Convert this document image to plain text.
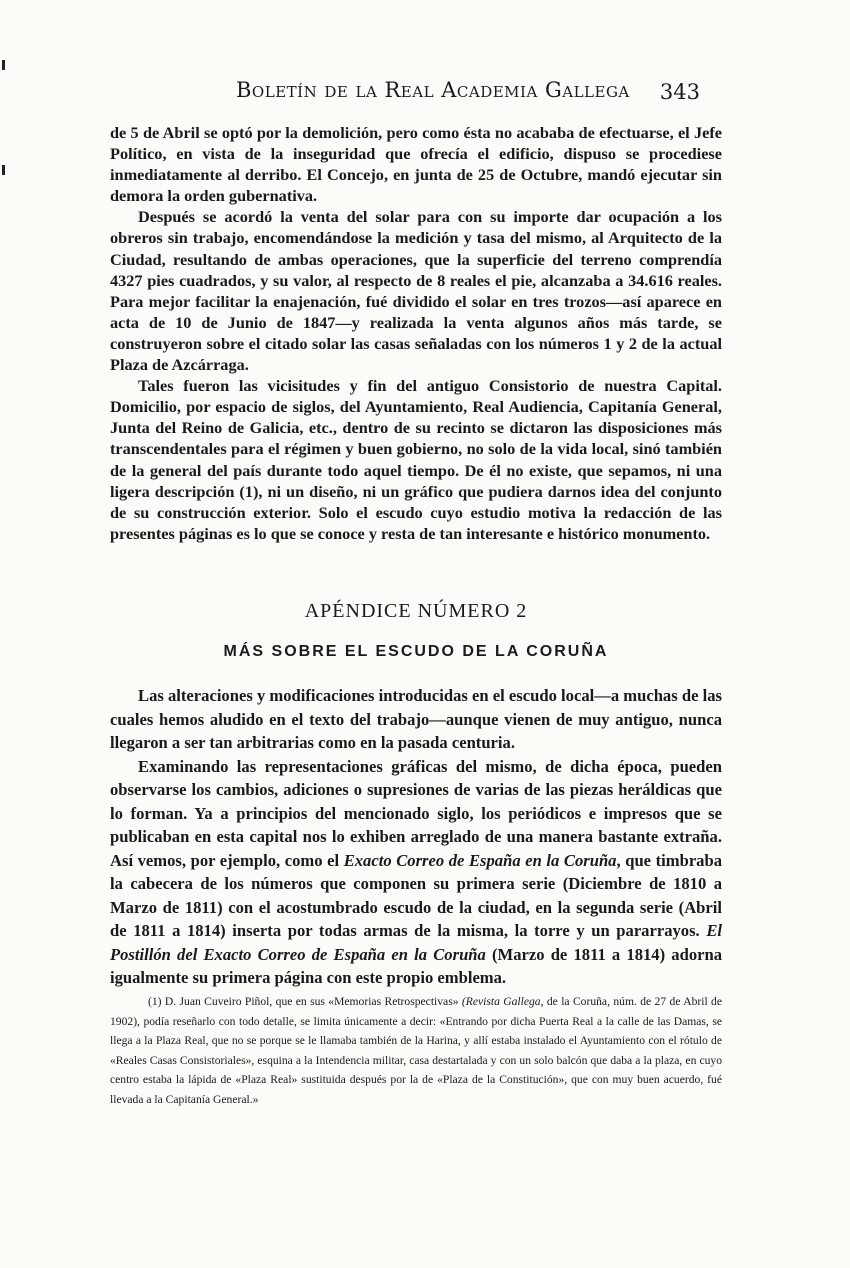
Boletín de la Real Academia Gallega 343

de 5 de Abril se optó por la demolición, pero como ésta no acababa de efectuarse, el Jefe Político, en vista de la inseguridad que ofrecía el edificio, dispuso se procediese inmediatamente al derribo. El Concejo, en junta de 25 de Octubre, mandó ejecutar sin demora la orden gubernativa.

Después se acordó la venta del solar para con su importe dar ocupación a los obreros sin trabajo, encomendándose la medición y tasa del mismo, al Arquitecto de la Ciudad, resultando de ambas operaciones, que la superficie del terreno comprendía 4327 pies cuadrados, y su valor, al respecto de 8 reales el pie, alcanzaba a 34.616 reales. Para mejor facilitar la enajenación, fué dividido el solar en tres trozos—así aparece en acta de 10 de Junio de 1847—y realizada la venta algunos años más tarde, se construyeron sobre el citado solar las casas señaladas con los números 1 y 2 de la actual Plaza de Azcárraga.

Tales fueron las vicisitudes y fin del antiguo Consistorio de nuestra Capital. Domicilio, por espacio de siglos, del Ayuntamiento, Real Audiencia, Capitanía General, Junta del Reino de Galicia, etc., dentro de su recinto se dictaron las disposiciones más transcendentales para el régimen y buen gobierno, no solo de la vida local, sinó también de la general del país durante todo aquel tiempo. De él no existe, que sepamos, ni una ligera descripción (1), ni un diseño, ni un gráfico que pudiera darnos idea del conjunto de su construcción exterior. Solo el escudo cuyo estudio motiva la redacción de las presentes páginas es lo que se conoce y resta de tan interesante e histórico monumento.

APÉNDICE NÚMERO 2
MÁS SOBRE EL ESCUDO DE LA CORUÑA

Las alteraciones y modificaciones introducidas en el escudo local—a muchas de las cuales hemos aludido en el texto del trabajo—aunque vienen de muy antiguo, nunca llegaron a ser tan arbitrarias como en la pasada centuria.

Examinando las representaciones gráficas del mismo, de dicha época, pueden observarse los cambios, adiciones o supresiones de varias de las piezas heráldicas que lo forman. Ya a principios del mencionado siglo, los periódicos e impresos que se publicaban en esta capital nos lo exhiben arreglado de una manera bastante extraña. Así vemos, por ejemplo, como el Exacto Correo de España en la Coruña, que timbraba la cabecera de los números que componen su primera serie (Diciembre de 1810 a Marzo de 1811) con el acostumbrado escudo de la ciudad, en la segunda serie (Abril de 1811 a 1814) inserta por todas armas de la misma, la torre y un pararrayos. El Postillón del Exacto Correo de España en la Coruña (Marzo de 1811 a 1814) adorna igualmente su primera página con este propio emblema.

(1) D. Juan Cuveiro Piñol, que en sus «Memorias Retrospectivas» (Revista Gallega, de la Coruña, núm. de 27 de Abril de 1902), podía reseñarlo con todo detalle, se limita únicamente a decir: «Entrando por dicha Puerta Real a la calle de las Damas, se llega a la Plaza Real, que no se porque se le llamaba también de la Harina, y allí estaba instalado el Ayuntamiento con el rótulo de «Reales Casas Consistoriales», esquina a la Intendencia militar, casa destartalada y con un solo balcón que daba a la plaza, en cuyo centro estaba la lápida de «Plaza Real» sustituida después por la de «Plaza de la Constitución», que con muy buen acuerdo, fué llevada a la Capitanía General.»
